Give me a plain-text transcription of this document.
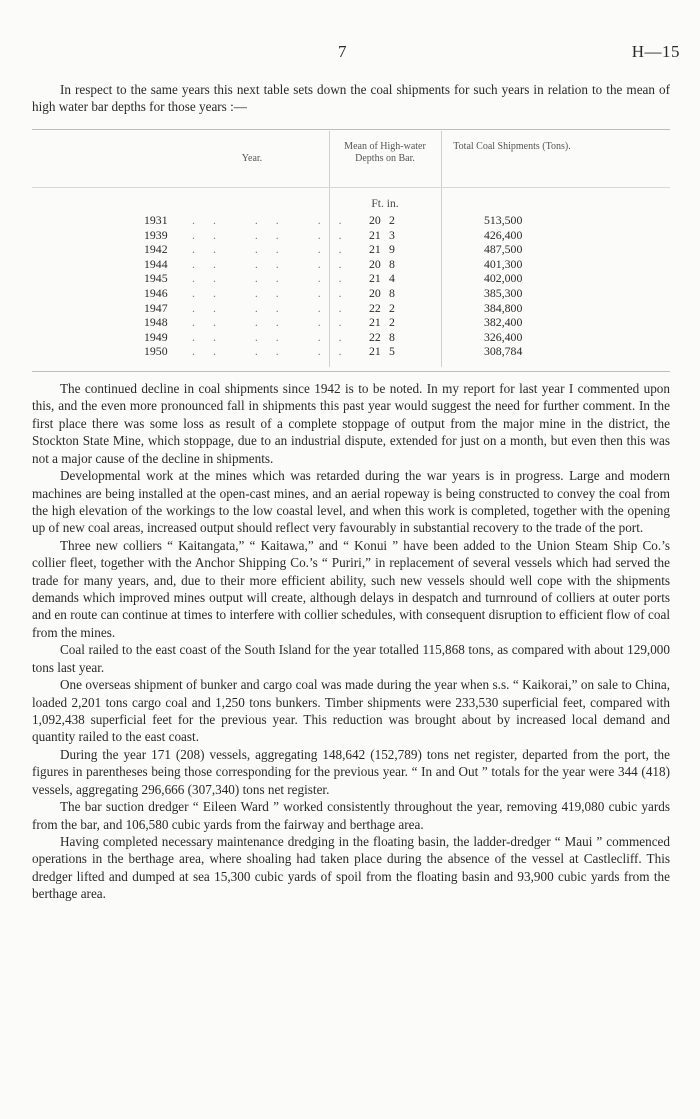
7	H—15

In respect to the same years this next table sets down the coal shipments for such years in relation to the mean of high water bar depths for those years :—

Year.
Mean of High-water Depths on Bar.
Total Coal Shipments (Tons).
Ft. in.
1931 .. .. .. 20 2	513,500
1939 .. .. .. 21 3	426,400
1942 .. .. .. 21 9	487,500
1944 .. .. .. 20 8	401,300
1945 .. .. .. 21 4	402,000
1946 .. .. .. 20 8	385,300
1947 .. .. .. 22 2	384,800
1948 .. .. .. 21 2	382,400
1949 .. .. .. 22 8	326,400
1950 .. .. .. 21 5	308,784

The continued decline in coal shipments since 1942 is to be noted. In my report for last year I commented upon this, and the even more pronounced fall in shipments this past year would suggest the need for further comment. In the first place there was some loss as result of a complete stoppage of output from the major mine in the district, the Stockton State Mine, which stoppage, due to an industrial dispute, extended for just on a month, but even then this was not a major cause of the decline in shipments.

Developmental work at the mines which was retarded during the war years is in progress. Large and modern machines are being installed at the open-cast mines, and an aerial ropeway is being constructed to convey the coal from the high elevation of the workings to the low coastal level, and when this work is completed, together with the opening up of new coal areas, increased output should reflect very favourably in substantial recovery to the trade of the port.

Three new colliers “ Kaitangata,” “ Kaitawa,” and “ Konui ” have been added to the Union Steam Ship Co.’s collier fleet, together with the Anchor Shipping Co.’s “ Puriri,” in replacement of several vessels which had served the trade for many years, and, due to their more efficient ability, such new vessels should well cope with the shipments demands which improved mines output will create, although delays in despatch and turnround of colliers at outer ports and en route can continue at times to interfere with collier schedules, with consequent disruption to efficient flow of coal from the mines.

Coal railed to the east coast of the South Island for the year totalled 115,868 tons, as compared with about 129,000 tons last year.

One overseas shipment of bunker and cargo coal was made during the year when s.s. “ Kaikorai,” on sale to China, loaded 2,201 tons cargo coal and 1,250 tons bunkers. Timber shipments were 233,530 superficial feet, compared with 1,092,438 superficial feet for the previous year. This reduction was brought about by increased local demand and quantity railed to the east coast.

During the year 171 (208) vessels, aggregating 148,642 (152,789) tons net register, departed from the port, the figures in parentheses being those corresponding for the previous year. “ In and Out ” totals for the year were 344 (418) vessels, aggregating 296,666 (307,340) tons net register.

The bar suction dredger “ Eileen Ward ” worked consistently throughout the year, removing 419,080 cubic yards from the bar, and 106,580 cubic yards from the fairway and berthage area.

Having completed necessary maintenance dredging in the floating basin, the ladder-dredger “ Maui ” commenced operations in the berthage area, where shoaling had taken place during the absence of the vessel at Castlecliff. This dredger lifted and dumped at sea 15,300 cubic yards of spoil from the floating basin and 93,900 cubic yards from the berthage area.
